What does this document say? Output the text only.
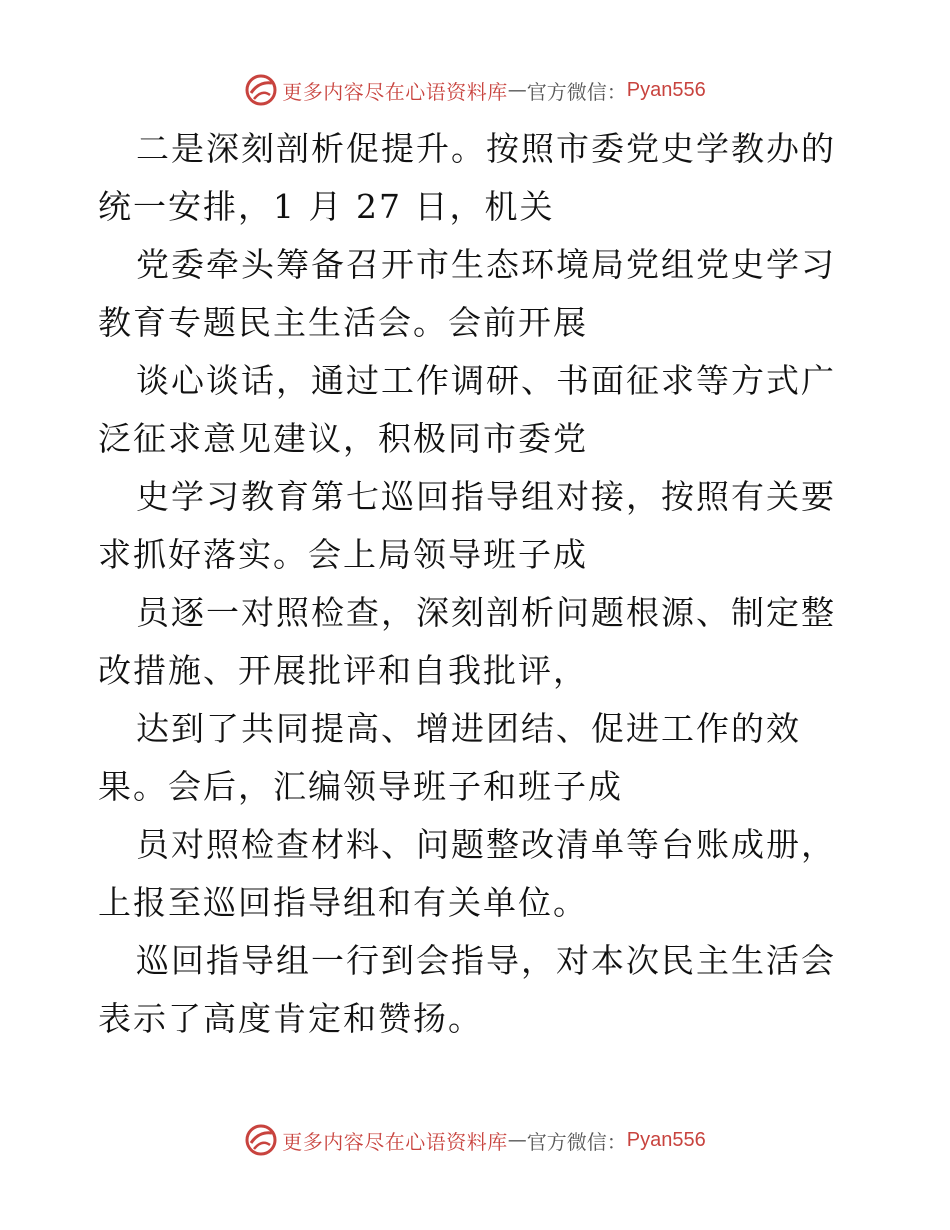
更多内容尽在心语资料库 — 官方微信： Pyan556

二是深刻剖析促提升。按照市委党史学教办的统一安排，1 月 27 日，机关

党委牵头筹备召开市生态环境局党组党史学习教育专题民主生活会。会前开展

谈心谈话，通过工作调研、书面征求等方式广泛征求意见建议，积极同市委党

史学习教育第七巡回指导组对接，按照有关要求抓好落实。会上局领导班子成

员逐一对照检查，深刻剖析问题根源、制定整改措施、开展批评和自我批评，

达到了共同提高、增进团结、促进工作的效果。会后，汇编领导班子和班子成

员对照检查材料、问题整改清单等台账成册，上报至巡回指导组和有关单位。

巡回指导组一行到会指导，对本次民主生活会表示了高度肯定和赞扬。

更多内容尽在心语资料库 — 官方微信： Pyan556
